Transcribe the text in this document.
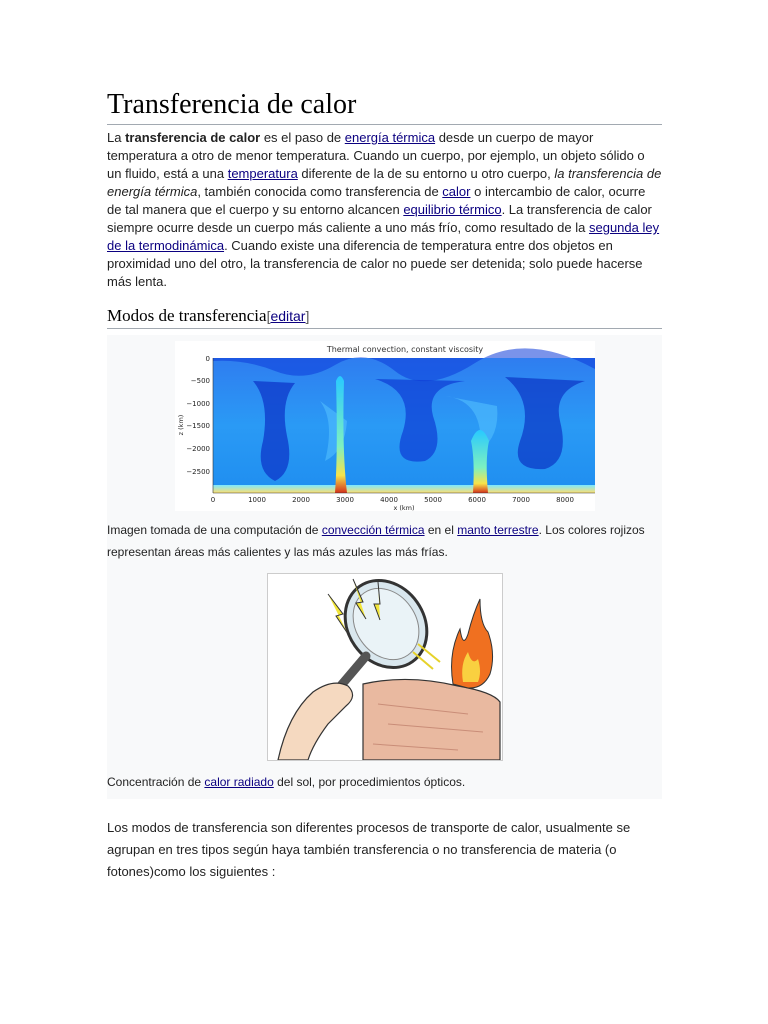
Transferencia de calor

La transferencia de calor es el paso de energía térmica desde un cuerpo de mayor temperatura a otro de menor temperatura. Cuando un cuerpo, por ejemplo, un objeto sólido o un fluido, está a una temperatura diferente de la de su entorno u otro cuerpo, la transferencia de energía térmica, también conocida como transferencia de calor o intercambio de calor, ocurre de tal manera que el cuerpo y su entorno alcancen equilibrio térmico. La transferencia de calor siempre ocurre desde un cuerpo más caliente a uno más frío, como resultado de la segunda ley de la termodinámica. Cuando existe una diferencia de temperatura entre dos objetos en proximidad uno del otro, la transferencia de calor no puede ser detenida; solo puede hacerse más lenta.

Modos de transferencia[editar]
Thermal convection, constant viscosity
0
−500
−1000
−1500
−2000
−2500
0	1000	2000	3000	4000	5000	6000	7000	8000
x (km)
z (km)

Imagen tomada de una computación de convección térmica en el manto terrestre. Los colores rojizos representan áreas más calientes y las más azules las más frías.

Concentración de calor radiado del sol, por procedimientos ópticos.

Los modos de transferencia son diferentes procesos de transporte de calor, usualmente se agrupan en tres tipos según haya también transferencia o no transferencia de materia (o fotones)como los siguientes :
